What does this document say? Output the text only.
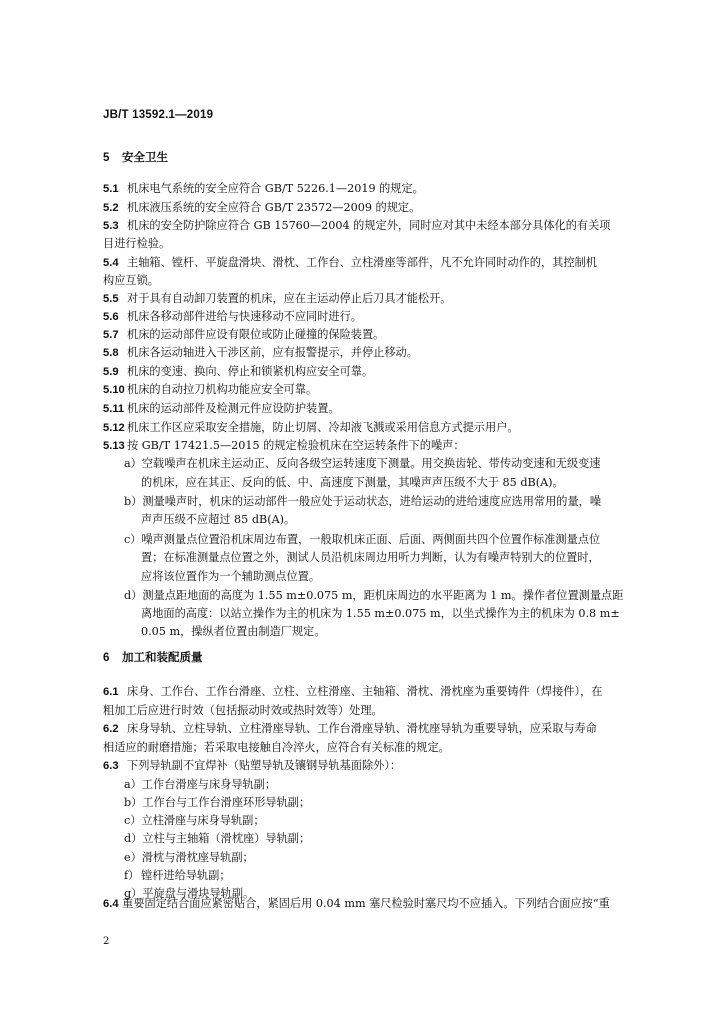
JB/T 13592.1—2019
5 安全卫生
5.1 机床电气系统的安全应符合 GB/T 5226.1—2019 的规定。
5.2 机床液压系统的安全应符合 GB/T 23572—2009 的规定。
5.3 机床的安全防护除应符合 GB 15760—2004 的规定外，同时应对其中未经本部分具体化的有关项
目进行检验。
5.4 主轴箱、镗杆、平旋盘滑块、滑枕、工作台、立柱滑座等部件，凡不允许同时动作的，其控制机
构应互锁。
5.5 对于具有自动卸刀装置的机床，应在主运动停止后刀具才能松开。
5.6 机床各移动部件进给与快速移动不应同时进行。
5.7 机床的运动部件应设有限位或防止碰撞的保险装置。
5.8 机床各运动轴进入干涉区前，应有报警提示，并停止移动。
5.9 机床的变速、换向、停止和锁紧机构应安全可靠。
5.10 机床的自动拉刀机构功能应安全可靠。
5.11 机床的运动部件及检测元件应设防护装置。
5.12 机床工作区应采取安全措施，防止切屑、冷却液飞溅或采用信息方式提示用户。
5.13 按 GB/T 17421.5—2015 的规定检验机床在空运转条件下的噪声：
a）空载噪声在机床主运动正、反向各级空运转速度下测量。用交换齿轮、带传动变速和无级变速
的机床，应在其正、反向的低、中、高速度下测量，其噪声声压级不大于 85 dB(A)。
b）测量噪声时，机床的运动部件一般应处于运动状态，进给运动的进给速度应选用常用的量，噪
声声压级不应超过 85 dB(A)。
c）噪声测量点位置沿机床周边布置，一般取机床正面、后面、两侧面共四个位置作标准测量点位
置；在标准测量点位置之外，测试人员沿机床周边用听力判断，认为有噪声特别大的位置时，
应将该位置作为一个辅助测点位置。
d）测量点距地面的高度为 1.55 m±0.075 m，距机床周边的水平距离为 1 m。操作者位置测量点距
离地面的高度：以站立操作为主的机床为 1.55 m±0.075 m，以坐式操作为主的机床为 0.8 m±
0.05 m，操纵者位置由制造厂规定。
6 加工和装配质量
6.1 床身、工作台、工作台滑座、立柱、立柱滑座、主轴箱、滑枕、滑枕座为重要铸件（焊接件），在
粗加工后应进行时效（包括振动时效或热时效等）处理。
6.2 床身导轨、立柱导轨、立柱滑座导轨、工作台滑座导轨、滑枕座导轨为重要导轨，应采取与寿命
相适应的耐磨措施；若采取电接触自冷淬火，应符合有关标准的规定。
6.3 下列导轨副不宜焊补（贴塑导轨及镶钢导轨基面除外）：
a）工作台滑座与床身导轨副；
b）工作台与工作台滑座环形导轨副；
c）立柱滑座与床身导轨副；
d）立柱与主轴箱（滑枕座）导轨副；
e）滑枕与滑枕座导轨副；
f） 镗杆进给导轨副；
g）平旋盘与滑块导轨副。
6.4 重要固定结合面应紧密贴合，紧固后用 0.04 mm 塞尺检验时塞尺均不应插入。下列结合面应按“重
2
